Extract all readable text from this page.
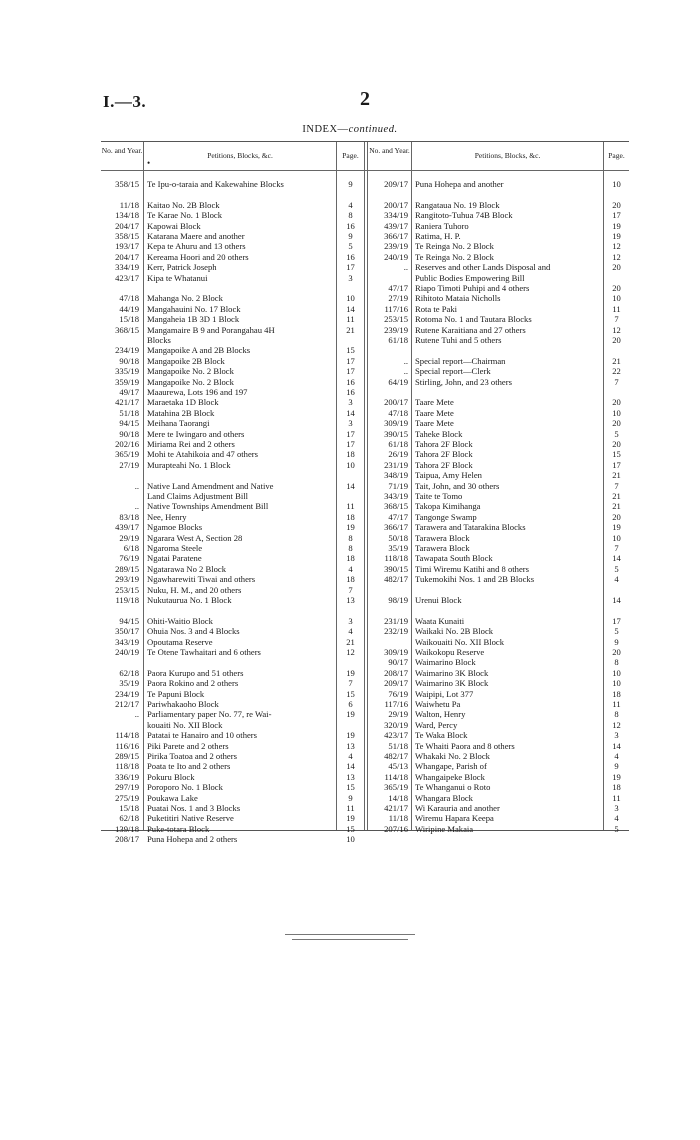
I.—3.	2
INDEX—continued.
No. and Year.
Petitions, Blocks, &c.	Page.
No. and Year.
Petitions, Blocks, &c.	Page.
•
358/15 Te Ipu-o-taraia and Kakewahine Blocks	9
11/18 Kaitao No. 2B Block	4
134/18 Te Karae No. 1 Block	8
204/17 Kapowai Block	16
358/15 Katarana Maere and another	9
193/17 Kepa te Ahuru and 13 others	5
204/17 Kereama Hoori and 20 others	16
334/19 Kerr, Patrick Joseph	17
423/17 Kipa te Whatanui	3
47/18 Mahanga No. 2 Block	10
44/19 Mangahauini No. 17 Block	14
15/18 Mangaheia 1B 3D 1 Block	11
368/15 Mangamaire B 9 and Porangahau 4H	21
Blocks
234/19 Mangapoike A and 2B Blocks	15
90/18 Mangapoike 2B Block	17
335/19 Mangapoike No. 2 Block	17
359/19 Mangapoike No. 2 Block	16
49/17 Maaurewa, Lots 196 and 197	16
421/17 Maraetaka 1D Block	3
51/18 Matahina 2B Block	14
94/15 Meihana Taorangi	3
90/18 Mere te Iwingaro and others	17
202/16 Miriama Rei and 2 others	17
365/19 Mohi te Atahikoia and 47 others	18
27/19 Murapteahi No. 1 Block	10
.. Native Land Amendment and Native	14
Land Claims Adjustment Bill
.. Native Townships Amendment Bill	11
83/18 Nee, Henry	18
439/17 Ngamoe Blocks	19
29/19 Ngarara West A, Section 28	8
6/18 Ngaroma Steele	8
76/19 Ngatai Paratene	18
289/15 Ngatarawa No 2 Block	4
293/19 Ngawharewiti Tiwai and others	18
253/15 Nuku, H. M., and 20 others	7
119/18 Nukutaurua No. 1 Block	13
94/15 Ohiti-Waitio Block	3
350/17 Ohuia Nos. 3 and 4 Blocks	4
343/19 Opoutama Reserve	21
240/19 Te Otene Tawhaitari and 6 others	12
62/18 Paora Kurupo and 51 others	19
35/19 Paora Rokino and 2 others	7
234/19 Te Papuni Block	15
212/17 Pariwhakaoho Block	6
.. Parliamentary paper No. 77, re Wai-	19
kouaiti No. XII Block
114/18 Patatai te Hanairo and 10 others	19
116/16 Piki Parete and 2 others	13
289/15 Pirika Toatoa and 2 others	4
118/18 Poata te Ito and 2 others	14
336/19 Pokuru Block	13
297/19 Poroporo No. 1 Block	15
275/19 Poukawa Lake	9
15/18 Puatai Nos. 1 and 3 Blocks	11
62/18 Puketitiri Native Reserve	19
139/18 Puke-totara Block	15
208/17 Puna Hohepa and 2 others	10
209/17 Puna Hohepa and another	10
200/17 Rangataua No. 19 Block	20
334/19 Rangitoto-Tuhua 74B Block	17
439/17 Raniera Tuhoro	19
366/17 Ratima, H. P.	19
239/19 Te Reinga No. 2 Block	12
240/19 Te Reinga No. 2 Block	12
.. Reserves and other Lands Disposal and	20
Public Bodies Empowering Bill
47/17 Riapo Timoti Puhipi and 4 others	20
27/19 Rihitoto Mataia Nicholls	10
117/16 Rota te Paki	11
253/15 Rotoma No. 1 and Tautara Blocks	7
239/19 Rutene Karaitiana and 27 others	12
61/18 Rutene Tuhi and 5 others	20
.. Special report—Chairman	21
.. Special report—Clerk	22
64/19 Stirling, John, and 23 others	7
200/17 Taare Mete	20
47/18 Taare Mete	10
309/19 Taare Mete	20
390/15 Taheke Block	5
61/18 Tahora 2F Block	20
26/19 Tahora 2F Block	15
231/19 Tahora 2F Block	17
348/19 Taipua, Amy Helen	21
71/19 Tait, John, and 30 others	7
343/19 Taite te Tomo	21
368/15 Takopa Kimihanga	21
47/17 Tangonge Swamp	20
366/17 Tarawera and Tatarakina Blocks	19
50/18 Tarawera Block	10
35/19 Tarawera Block	7
118/18 Tawapata South Block	14
390/15 Timi Wiremu Katihi and 8 others	5
482/17 Tukemokihi Nos. 1 and 2B Blocks	4
98/19 Urenui Block	14
231/19 Waata Kunaiti	17
232/19 Waikaki No. 2B Block	5
Waikouaiti No. XII Block	9
309/19 Waikokopu Reserve	20
90/17 Waimarino Block	8
208/17 Waimarino 3K Block	10
209/17 Waimarino 3K Block	10
76/19 Waipipi, Lot 377	18
117/16 Waiwhetu Pa	11
29/19 Walton, Henry	8
320/19 Ward, Percy	12
423/17 Te Waka Block	3
51/18 Te Whaiti Paora and 8 others	14
482/17 Whakaki No. 2 Block	4
45/13 Whangape, Parish of	9
114/18 Whangaipeke Block	19
365/19 Te Whanganui o Roto	18
14/18 Whangara Block	11
421/17 Wi Karauria and another	3
11/18 Wiremu Hapara Keepa	4
207/16 Wiripine Makaia	5
